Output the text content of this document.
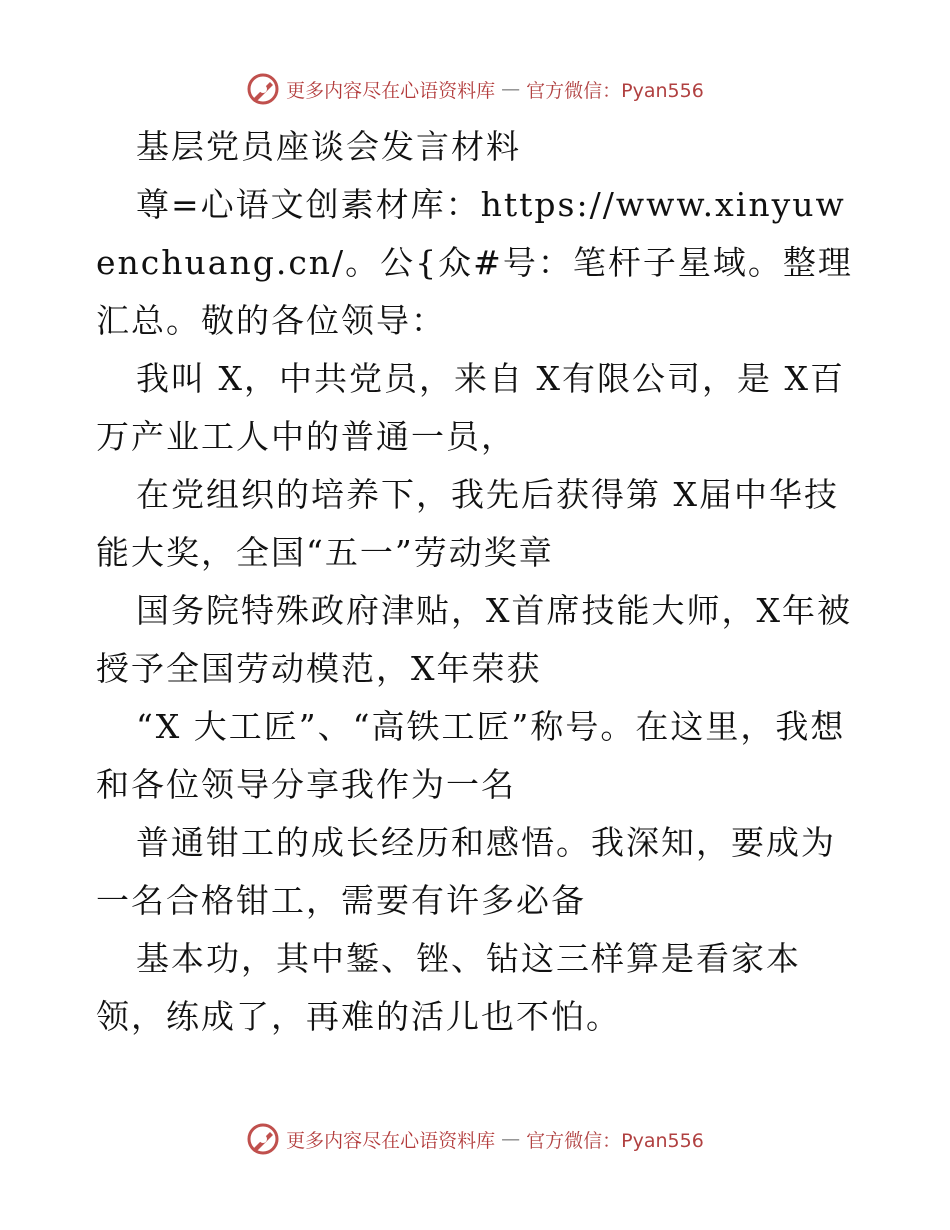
更多内容尽在心语资料库 — 官方微信：Pyan556

基层党员座谈会发言材料

尊=心语文创素材库：https://www.xinyuwenchuang.cn/。公{众#号：笔杆子星域。整理汇总。敬的各位领导：

我叫 X，中共党员，来自 X有限公司，是 X百万产业工人中的普通一员，

在党组织的培养下，我先后获得第 X届中华技能大奖，全国“五一”劳动奖章

国务院特殊政府津贴，X首席技能大师，X年被授予全国劳动模范，X年荣获

“X 大工匠”、“高铁工匠”称号。在这里，我想和各位领导分享我作为一名

普通钳工的成长经历和感悟。我深知，要成为一名合格钳工，需要有许多必备

基本功，其中錾、锉、钻这三样算是看家本领，练成了，再难的活儿也不怕。

更多内容尽在心语资料库 — 官方微信：Pyan556
